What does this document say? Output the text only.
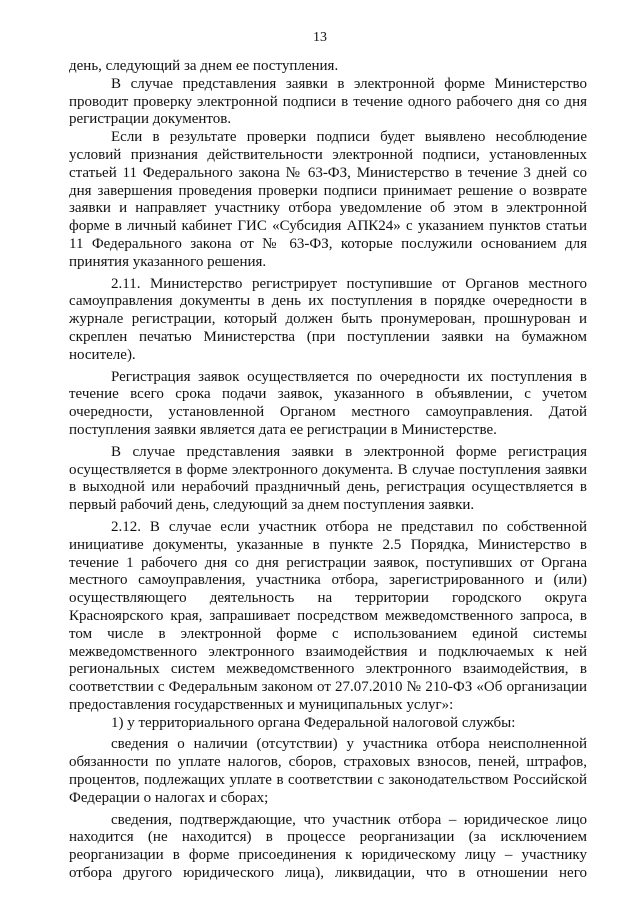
13

день, следующий за днем ее поступления.

В случае представления заявки в электронной форме Министерство проводит проверку электронной подписи в течение одного рабочего дня со дня регистрации документов.

Если в результате проверки подписи будет выявлено несоблюдение условий признания действительности электронной подписи, установленных статьей 11 Федерального закона № 63-ФЗ, Министерство в течение 3 дней со дня завершения проведения проверки подписи принимает решение о возврате заявки и направляет участнику отбора уведомление об этом в электронной форме в личный кабинет ГИС «Субсидия АПК24» с указанием пунктов статьи 11 Федерального закона от № 63-ФЗ, которые послужили основанием для принятия указанного решения.

2.11. Министерство регистрирует поступившие от Органов местного самоуправления документы в день их поступления в порядке очередности в журнале регистрации, который должен быть пронумерован, прошнурован и скреплен печатью Министерства (при поступлении заявки на бумажном носителе).

Регистрация заявок осуществляется по очередности их поступления в течение всего срока подачи заявок, указанного в объявлении, с учетом очередности, установленной Органом местного самоуправления. Датой поступления заявки является дата ее регистрации в Министерстве.

В случае представления заявки в электронной форме регистрация осуществляется в форме электронного документа. В случае поступления заявки в выходной или нерабочий праздничный день, регистрация осуществляется в первый рабочий день, следующий за днем поступления заявки.

2.12. В случае если участник отбора не представил по собственной инициативе документы, указанные в пункте 2.5 Порядка, Министерство в течение 1 рабочего дня со дня регистрации заявок, поступивших от Органа местного самоуправления, участника отбора, зарегистрированного и (или) осуществляющего деятельность на территории городского округа Красноярского края, запрашивает посредством межведомственного запроса, в том числе в электронной форме с использованием единой системы межведомственного электронного взаимодействия и подключаемых к ней региональных систем межведомственного электронного взаимодействия, в соответствии с Федеральным законом от 27.07.2010 № 210-ФЗ «Об организации предоставления государственных и муниципальных услуг»:

1) у территориального органа Федеральной налоговой службы:

сведения о наличии (отсутствии) у участника отбора неисполненной обязанности по уплате налогов, сборов, страховых взносов, пеней, штрафов, процентов, подлежащих уплате в соответствии с законодательством Российской Федерации о налогах и сборах;

сведения, подтверждающие, что участник отбора – юридическое лицо находится (не находится) в процессе реорганизации (за исключением реорганизации в форме присоединения к юридическому лицу – участнику отбора другого юридического лица), ликвидации, что в отношении него
